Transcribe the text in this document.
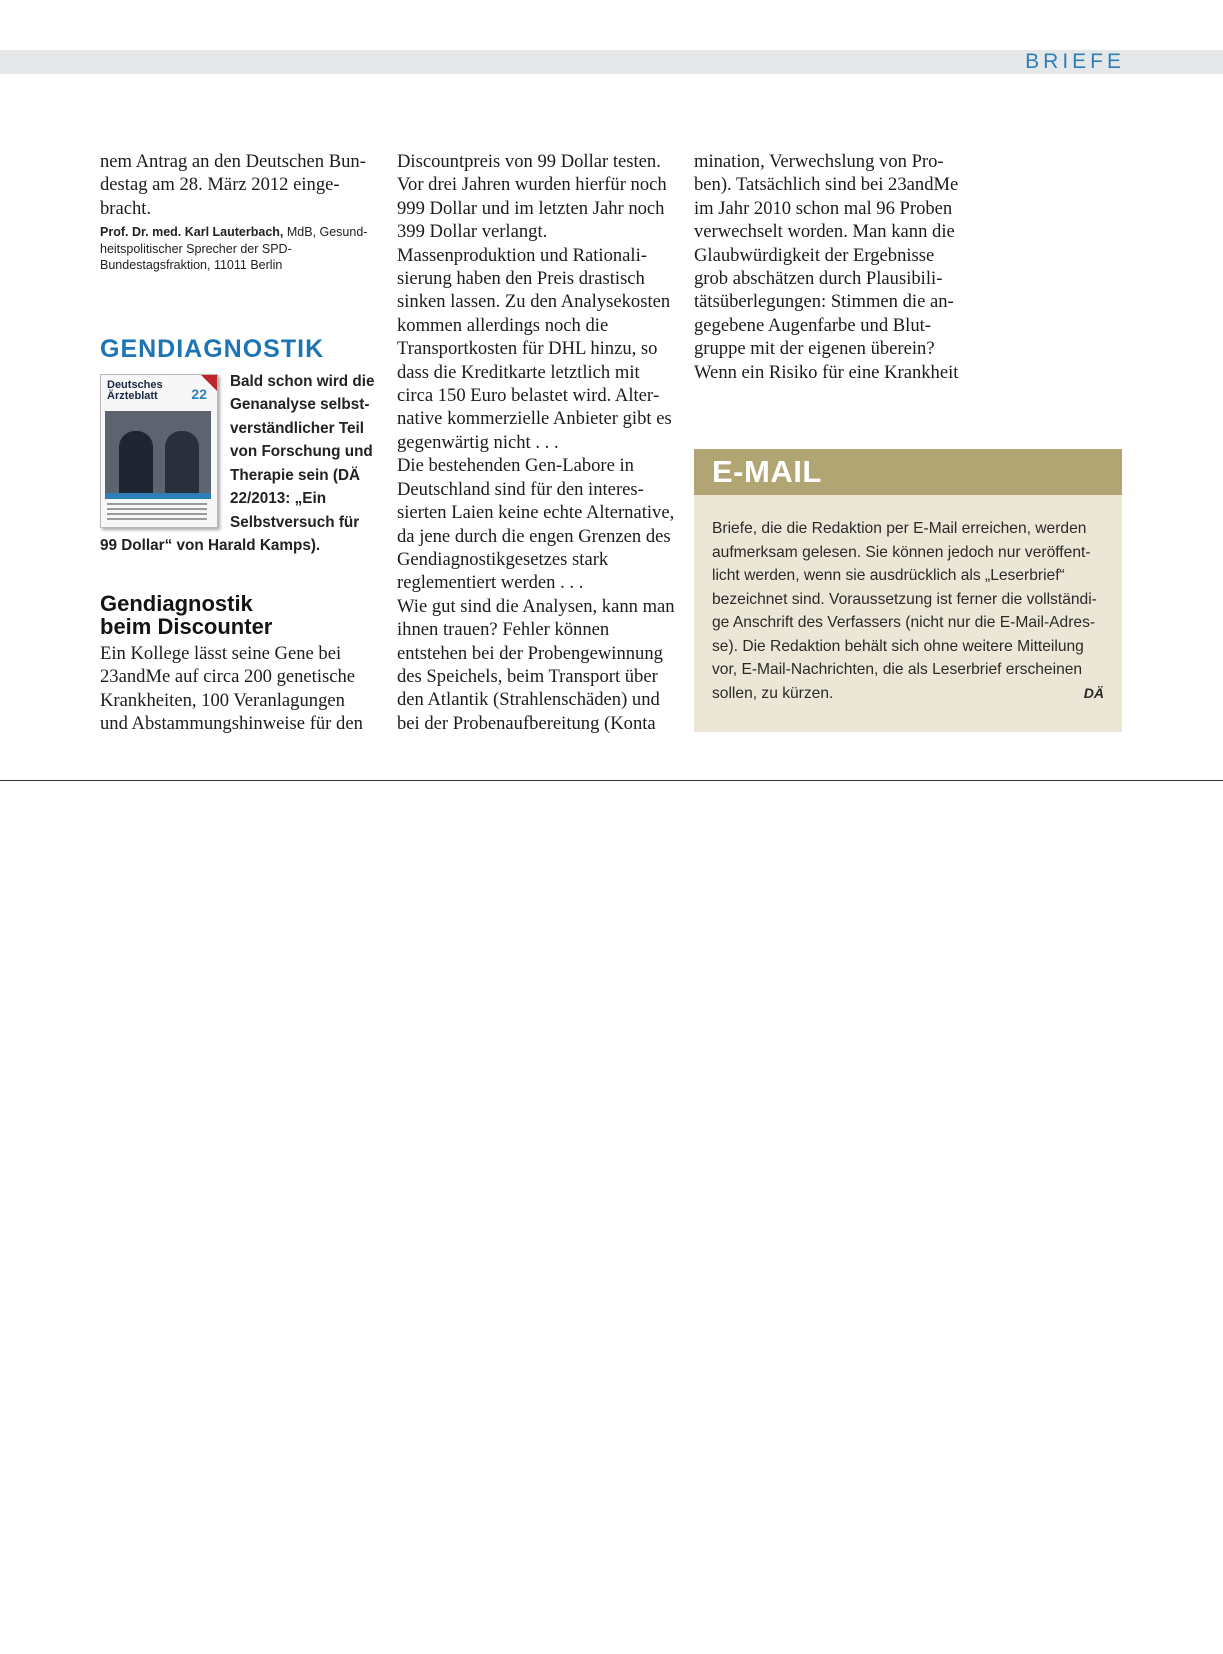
BRIEFE

nem Antrag an den Deutschen Bundestag am 28. März 2012 eingebracht.

Prof. Dr. med. Karl Lauterbach, MdB, Gesundheitspolitischer Sprecher der SPD-Bundestagsfraktion, 11011 Berlin
GENDIAGNOSTIK
Deutsches Ärzteblatt	22
Bald schon wird die Genanalyse selbstverständlicher Teil von Forschung und Therapie sein (DÄ 22/2013: „Ein Selbstversuch für 99 Dollar“ von Harald Kamps).
Gendiagnostik
beim Discounter

Ein Kollege lässt seine Gene bei 23andMe auf circa 200 genetische Krankheiten, 100 Veranlagungen und Abstammungshinweise für den

Discountpreis von 99 Dollar testen. Vor drei Jahren wurden hierfür noch 999 Dollar und im letzten Jahr noch 399 Dollar verlangt.

Massenproduktion und Rationalisierung haben den Preis drastisch sinken lassen. Zu den Analysekosten kommen allerdings noch die Transportkosten für DHL hinzu, so dass die Kreditkarte letztlich mit circa 150 Euro belastet wird. Alternative kommerzielle Anbieter gibt es gegenwärtig nicht . . .

Die bestehenden Gen-Labore in Deutschland sind für den interessierten Laien keine echte Alternative, da jene durch die engen Grenzen des Gendiagnostikgesetzes stark reglementiert werden . . .

Wie gut sind die Analysen, kann man ihnen trauen? Fehler können entstehen bei der Probengewinnung des Speichels, beim Transport über den Atlantik (Strahlenschäden) und bei der Probenaufbereitung (Konta

mination, Verwechslung von Proben). Tatsächlich sind bei 23andMe im Jahr 2010 schon mal 96 Proben verwechselt worden. Man kann die Glaubwürdigkeit der Ergebnisse grob abschätzen durch Plausibilitätsüberlegungen: Stimmen die angegebene Augenfarbe und Blutgruppe mit der eigenen überein?

Wenn ein Risiko für eine Krankheit

E-MAIL
Briefe, die die Redaktion per E-Mail erreichen, werden aufmerksam gelesen. Sie können jedoch nur veröffentlicht werden, wenn sie ausdrücklich als „Leserbrief“ bezeichnet sind. Voraussetzung ist ferner die vollständige Anschrift des Verfassers (nicht nur die E-Mail-Adresse). Die Redaktion behält sich ohne weitere Mitteilung vor, E-Mail-Nachrichten, die als Leserbrief erscheinen sollen, zu kürzen.	DÄ
